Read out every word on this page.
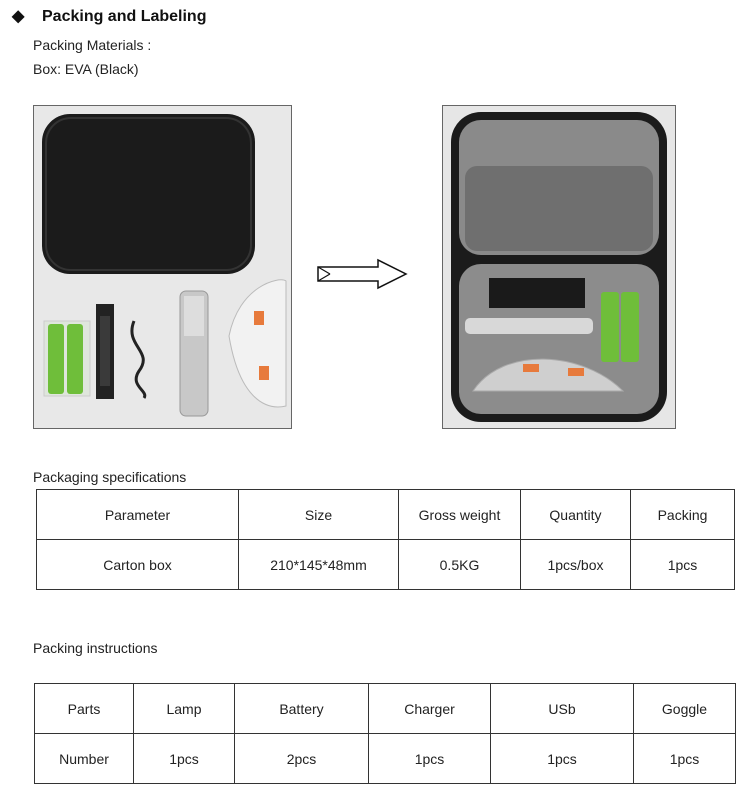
◆ Packing and Labeling
Packing Materials :
Box: EVA (Black)
Packaging specifications
Parameter	Size	Gross weight	Quantity	Packing
Carton box	210*145*48mm	0.5KG	1pcs/box	1pcs
Packing instructions
Parts	Lamp	Battery	Charger	USb	Goggle
Number	1pcs	2pcs	1pcs	1pcs	1pcs
